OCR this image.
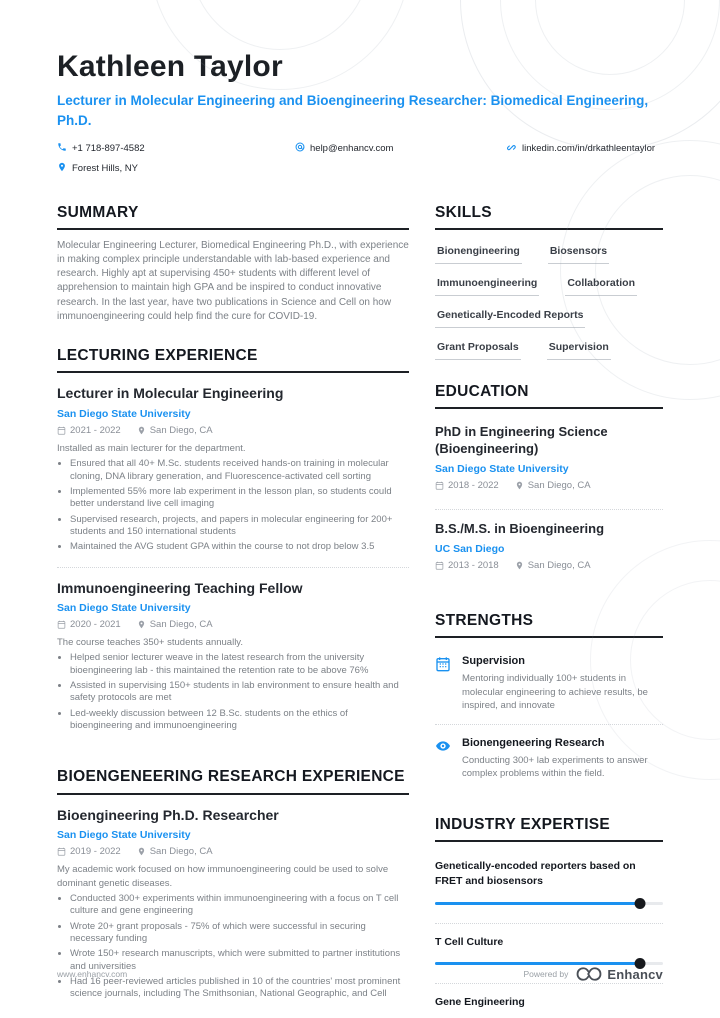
Kathleen Taylor
Lecturer in Molecular Engineering and Bioengineering Researcher: Biomedical Engineering, Ph.D.
+1 718-897-4582	help@enhancv.com	linkedin.com/in/drkathleentaylor
Forest Hills, NY
SUMMARY

Molecular Engineering Lecturer, Biomedical Engineering Ph.D., with experience in making complex principle understandable with lab-based experience and research. Highly apt at supervising 450+ students with different level of apprehension to maintain high GPA and be inspired to conduct innovative research. In the last year, have two publications in Science and Cell on how immunoengineering could help find the cure for COVID-19.

LECTURING EXPERIENCE
Lecturer in Molecular Engineering
San Diego State University
2021 - 2022	San Diego, CA
Installed as main lecturer for the department.
• Ensured that all 40+ M.Sc. students received hands-on training in molecular cloning, DNA library generation, and Fluorescence-activated cell sorting
• Implemented 55% more lab experiment in the lesson plan, so students could better understand live cell imaging
• Supervised research, projects, and papers in molecular engineering for 200+ students and 150 international students
• Maintained the AVG student GPA within the course to not drop below 3.5
Immunoengineering Teaching Fellow
San Diego State University
2020 - 2021	San Diego, CA
The course teaches 350+ students annually.
• Helped senior lecturer weave in the latest research from the university bioengineering lab - this maintained the retention rate to be above 76%
• Assisted in supervising 150+ students in lab environment to ensure health and safety protocols are met
• Led-weekly discussion between 12 B.Sc. students on the ethics of bioengineering and immunoengineering
BIOENGENEERING RESEARCH EXPERIENCE
Bioengineering Ph.D. Researcher
San Diego State University
2019 - 2022	San Diego, CA
My academic work focused on how immunoengineering could be used to solve dominant genetic diseases.
• Conducted 300+ experiments within immunoengineering with a focus on T cell culture and gene engineering
• Wrote 20+ grant proposals - 75% of which were successful in securing necessary funding
• Wrote 150+ research manuscripts, which were submitted to partner institutions and universities
• Had 16 peer-reviewed articles published in 10 of the countries' most prominent science journals, including The Smithsonian, National Geographic, and Cell
SKILLS
Bionengineering	Biosensors
Immunoengineering	Collaboration
Genetically-Encoded Reports
Grant Proposals	Supervision
EDUCATION
PhD in Engineering Science (Bioengineering)
San Diego State University
2018 - 2022	San Diego, CA
B.S./M.S. in Bioengineering
UC San Diego
2013 - 2018	San Diego, CA
STRENGTHS
Supervision
Mentoring individually 100+ students in molecular engineering to achieve results, be inspired, and innovate
Bionengeneering Research
Conducting 300+ lab experiments to answer complex problems within the field.
INDUSTRY EXPERTISE
Genetically-encoded reporters based on FRET and biosensors
T Cell Culture
Gene Engineering
www.enhancv.com	Powered by	Enhancv
